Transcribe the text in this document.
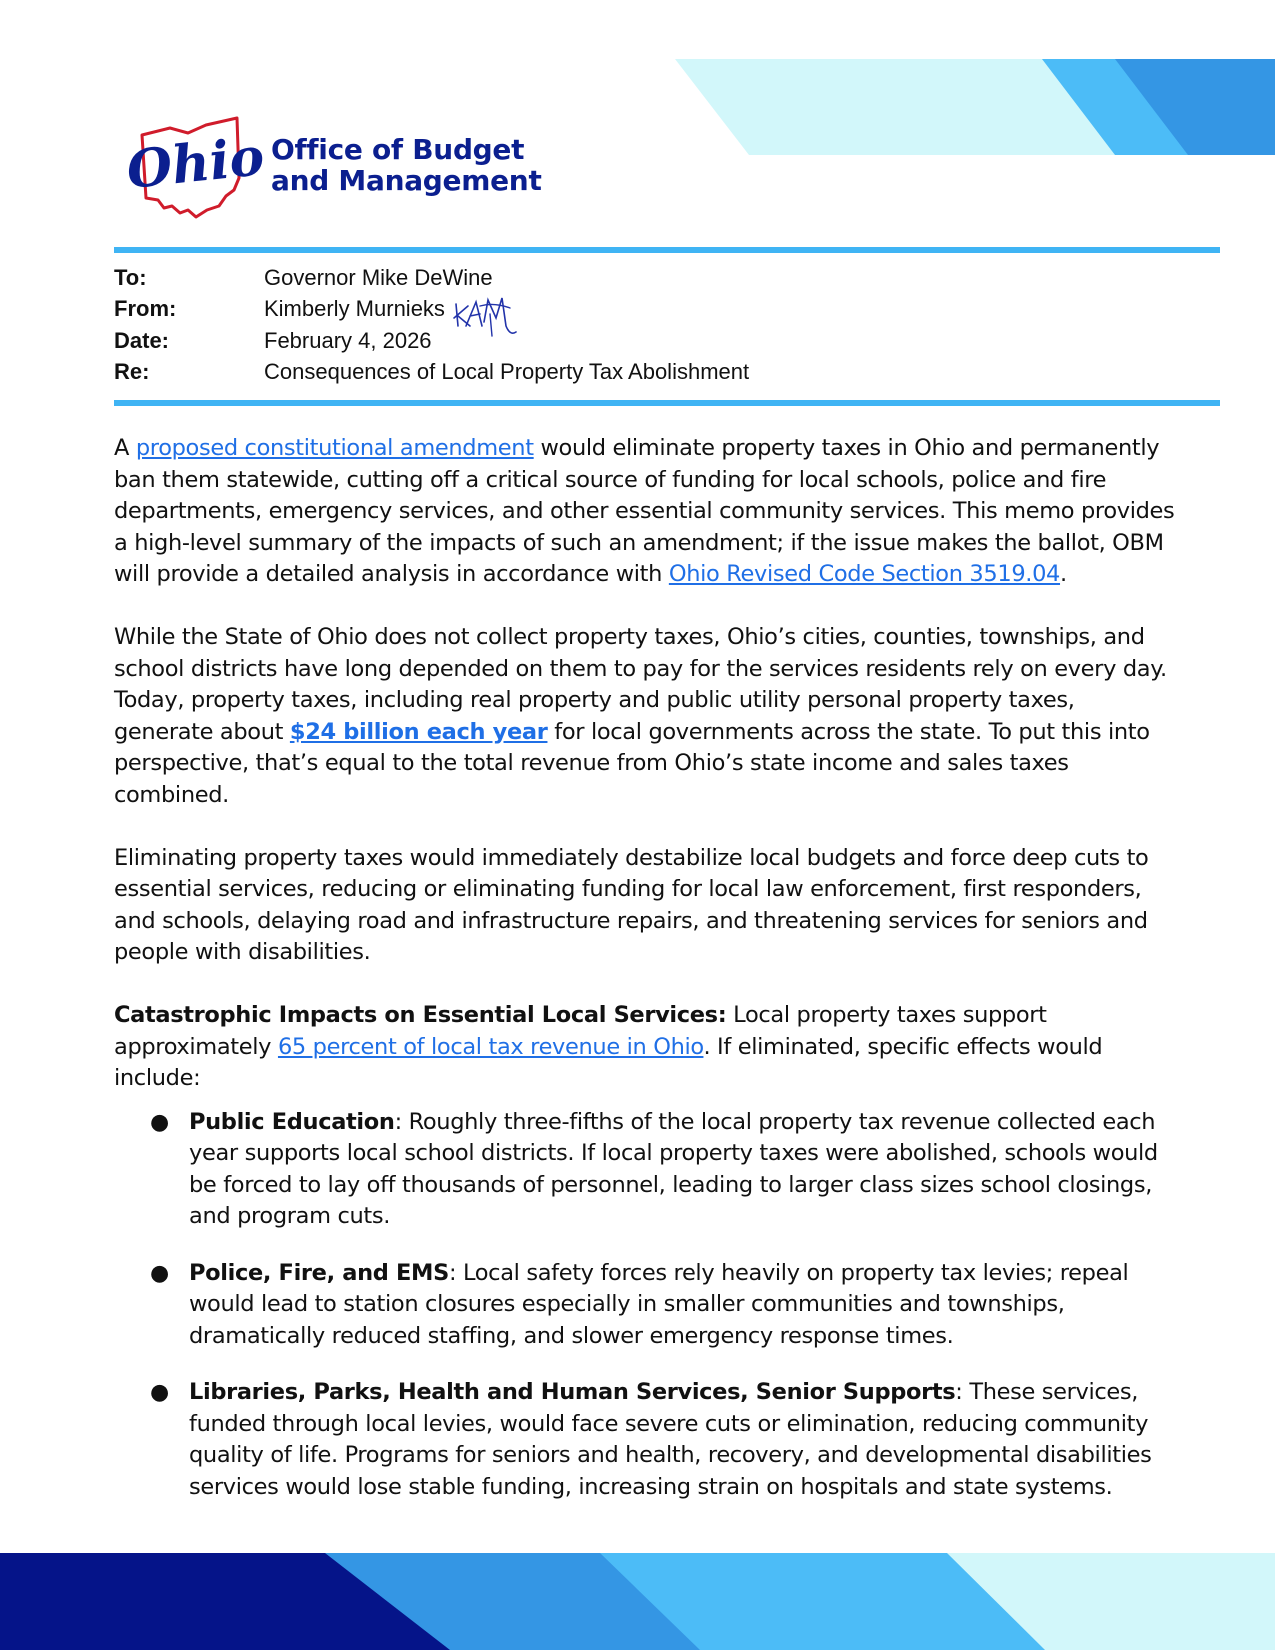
Ohio Office of Budget
and Management
To:	Governor Mike DeWine
From:	Kimberly Murnieks
Date:	February 4, 2026
Re:	Consequences of Local Property Tax Abolishment

A proposed constitutional amendment would eliminate property taxes in Ohio and permanently ban them statewide, cutting off a critical source of funding for local schools, police and fire departments, emergency services, and other essential community services. This memo provides a high-level summary of the impacts of such an amendment; if the issue makes the ballot, OBM will provide a detailed analysis in accordance with Ohio Revised Code Section 3519.04.

While the State of Ohio does not collect property taxes, Ohio’s cities, counties, townships, and school districts have long depended on them to pay for the services residents rely on every day. Today, property taxes, including real property and public utility personal property taxes, generate about $24 billion each year for local governments across the state. To put this into perspective, that’s equal to the total revenue from Ohio’s state income and sales taxes combined.

Eliminating property taxes would immediately destabilize local budgets and force deep cuts to essential services, reducing or eliminating funding for local law enforcement, first responders, and schools, delaying road and infrastructure repairs, and threatening services for seniors and people with disabilities.

Catastrophic Impacts on Essential Local Services: Local property taxes support approximately 65 percent of local tax revenue in Ohio. If eliminated, specific effects would include:

● Public Education: Roughly three-fifths of the local property tax revenue collected each year supports local school districts. If local property taxes were abolished, schools would be forced to lay off thousands of personnel, leading to larger class sizes school closings, and program cuts.
● Police, Fire, and EMS: Local safety forces rely heavily on property tax levies; repeal would lead to station closures especially in smaller communities and townships, dramatically reduced staffing, and slower emergency response times.
● Libraries, Parks, Health and Human Services, Senior Supports: These services, funded through local levies, would face severe cuts or elimination, reducing community quality of life. Programs for seniors and health, recovery, and developmental disabilities services would lose stable funding, increasing strain on hospitals and state systems.
